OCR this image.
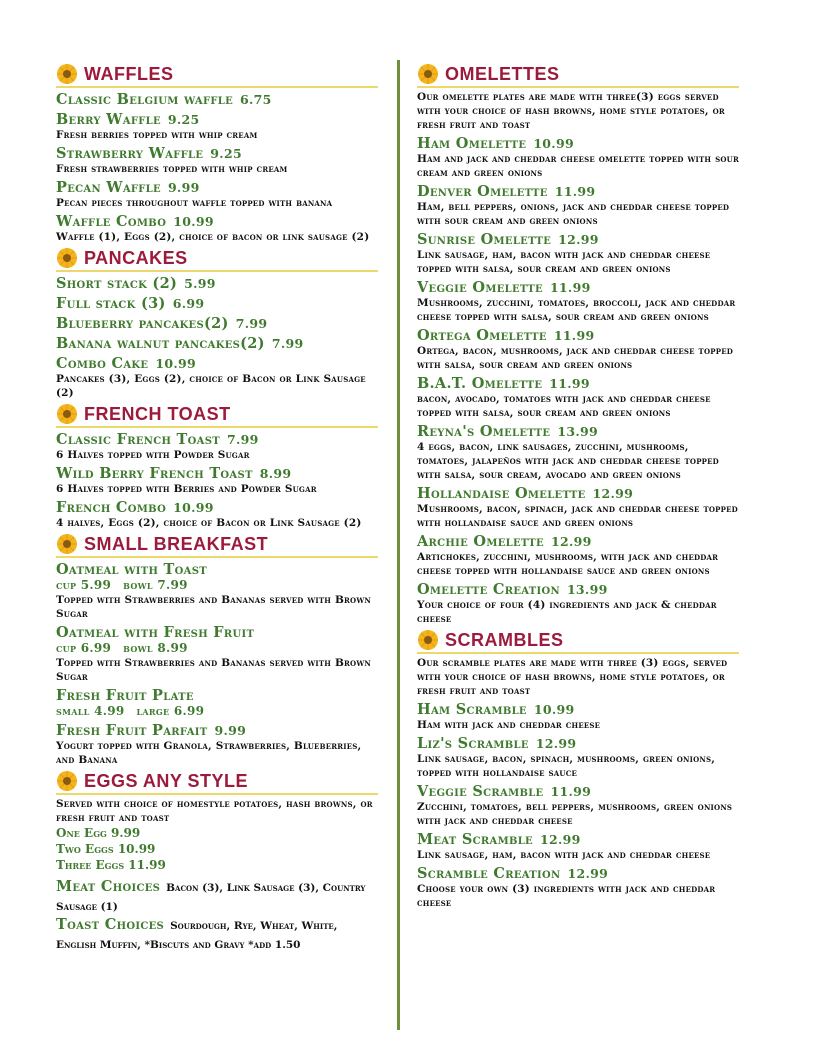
WAFFLES
Classic Belgium waffle 6.75
Berry Waffle 9.25
Fresh berries topped with whip cream
Strawberry Waffle 9.25
Fresh strawberries topped with whip cream
Pecan Waffle 9.99
Pecan pieces throughout waffle topped with banana
Waffle Combo 10.99
Waffle (1), Eggs (2), choice of bacon or link sausage (2)
PANCAKES
Short stack (2) 5.99
Full stack (3) 6.99
Blueberry pancakes(2) 7.99
Banana walnut pancakes(2) 7.99
Combo Cake 10.99
Pancakes (3), Eggs (2), choice of Bacon or Link Sausage (2)
FRENCH TOAST
Classic French Toast 7.99
6 Halves topped with Powder Sugar
Wild Berry French Toast 8.99
6 Halves topped with Berries and Powder Sugar
French Combo 10.99
4 halves, Eggs (2), choice of Bacon or Link Sausage (2)
SMALL BREAKFAST
Oatmeal with Toast
cup 5.99 bowl 7.99
Topped with Strawberries and Bananas served with Brown Sugar
Oatmeal with Fresh Fruit
cup 6.99 bowl 8.99
Topped with Strawberries and Bananas served with Brown Sugar
Fresh Fruit Plate
small 4.99 large 6.99
Fresh Fruit Parfait 9.99
Yogurt topped with Granola, Strawberries, Blueberries, and Banana
EGGS ANY STYLE
Served with choice of homestyle potatoes, hash browns, or fresh fruit and toast
One Egg 9.99
Two Eggs 10.99
Three Eggs 11.99
Meat Choices Bacon (3), Link Sausage (3), Country Sausage (1)
Toast Choices Sourdough, Rye, Wheat, White, English Muffin, *Biscuts and Gravy *add 1.50
OMELETTES
Our omelette plates are made with three(3) eggs served with your choice of hash browns, home style potatoes, or fresh fruit and toast
Ham Omelette 10.99
Ham and jack and cheddar cheese omelette topped with sour cream and green onions
Denver Omelette 11.99
Ham, bell peppers, onions, jack and cheddar cheese topped with sour cream and green onions
Sunrise Omelette 12.99
Link sausage, ham, bacon with jack and cheddar cheese topped with salsa, sour cream and green onions
Veggie Omelette 11.99
Mushrooms, zucchini, tomatoes, broccoli, jack and cheddar cheese topped with salsa, sour cream and green onions
Ortega Omelette 11.99
Ortega, bacon, mushrooms, jack and cheddar cheese topped with salsa, sour cream and green onions
B.A.T. Omelette 11.99
bacon, avocado, tomatoes with jack and cheddar cheese topped with salsa, sour cream and green onions
Reyna's Omelette 13.99
4 eggs, bacon, link sausages, zucchini, mushrooms, tomatoes, jalapeños with jack and cheddar cheese topped with salsa, sour cream, avocado and green onions
Hollandaise Omelette 12.99
Mushrooms, bacon, spinach, jack and cheddar cheese topped with hollandaise sauce and green onions
Archie Omelette 12.99
Artichokes, zucchini, mushrooms, with jack and cheddar cheese topped with hollandaise sauce and green onions
Omelette Creation 13.99
Your choice of four (4) ingredients and jack & cheddar cheese
SCRAMBLES
Our scramble plates are made with three (3) eggs, served with your choice of hash browns, home style potatoes, or fresh fruit and toast
Ham Scramble 10.99
Ham with jack and cheddar cheese
Liz's Scramble 12.99
Link sausage, bacon, spinach, mushrooms, green onions, topped with hollandaise sauce
Veggie Scramble 11.99
Zucchini, tomatoes, bell peppers, mushrooms, green onions with jack and cheddar cheese
Meat Scramble 12.99
Link sausage, ham, bacon with jack and cheddar cheese
Scramble Creation 12.99
Choose your own (3) ingredients with jack and cheddar cheese
